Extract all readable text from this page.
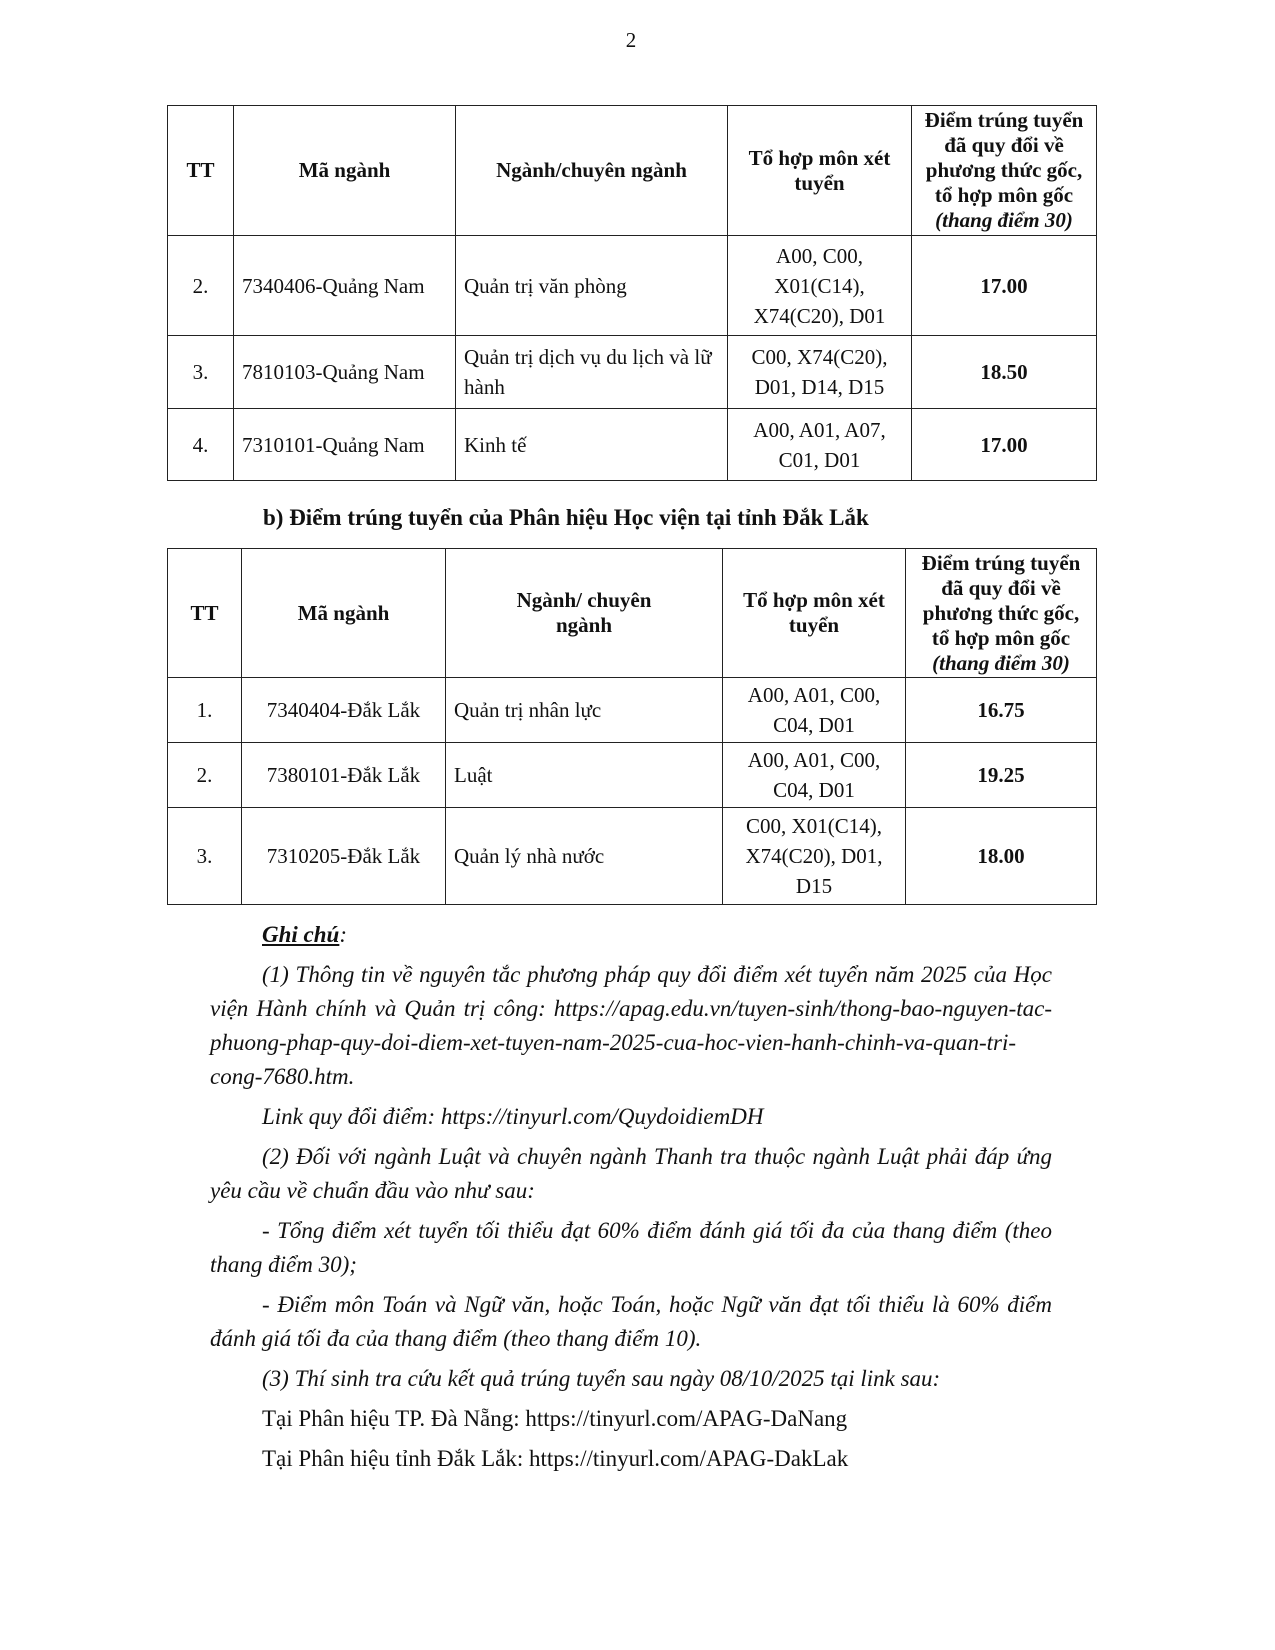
2
TT	Mã ngành	Ngành/chuyên ngành	Tổ hợp môn xét tuyển	Điểm trúng tuyển đã quy đổi về phương thức gốc, tổ hợp môn gốc
(thang điểm 30)
2.	7340406-Quảng Nam	Quản trị văn phòng	A00, C00, X01(C14), X74(C20), D01	17.00
3.	7810103-Quảng Nam	Quản trị dịch vụ du lịch và lữ hành	C00, X74(C20), D01, D14, D15	18.50
4.	7310101-Quảng Nam	Kinh tế	A00, A01, A07, C01, D01	17.00
b) Điểm trúng tuyển của Phân hiệu Học viện tại tỉnh Đắk Lắk
TT	Mã ngành	Ngành/ chuyên ngành	Tổ hợp môn xét tuyển	Điểm trúng tuyển đã quy đổi về phương thức gốc, tổ hợp môn gốc
(thang điểm 30)
1.	7340404-Đắk Lắk	Quản trị nhân lực	A00, A01, C00, C04, D01	16.75
2.	7380101-Đắk Lắk	Luật	A00, A01, C00, C04, D01	19.25
3.	7310205-Đắk Lắk	Quản lý nhà nước	C00, X01(C14), X74(C20), D01, D15	18.00

Ghi chú:

(1) Thông tin về nguyên tắc phương pháp quy đổi điểm xét tuyển năm 2025 của Học viện Hành chính và Quản trị công: https://apag.edu.vn/tuyen-sinh/thong-bao-nguyen-tac-phuong-phap-quy-doi-diem-xet-tuyen-nam-2025-cua-hoc-vien-hanh-chinh-va-quan-tri-cong-7680.htm.

Link quy đổi điểm: https://tinyurl.com/QuydoidiemDH

(2) Đối với ngành Luật và chuyên ngành Thanh tra thuộc ngành Luật phải đáp ứng yêu cầu về chuẩn đầu vào như sau:

- Tổng điểm xét tuyển tối thiểu đạt 60% điểm đánh giá tối đa của thang điểm (theo thang điểm 30);

- Điểm môn Toán và Ngữ văn, hoặc Toán, hoặc Ngữ văn đạt tối thiểu là 60% điểm đánh giá tối đa của thang điểm (theo thang điểm 10).

(3) Thí sinh tra cứu kết quả trúng tuyển sau ngày 08/10/2025 tại link sau:

Tại Phân hiệu TP. Đà Nẵng: https://tinyurl.com/APAG-DaNang

Tại Phân hiệu tỉnh Đắk Lắk: https://tinyurl.com/APAG-DakLak
